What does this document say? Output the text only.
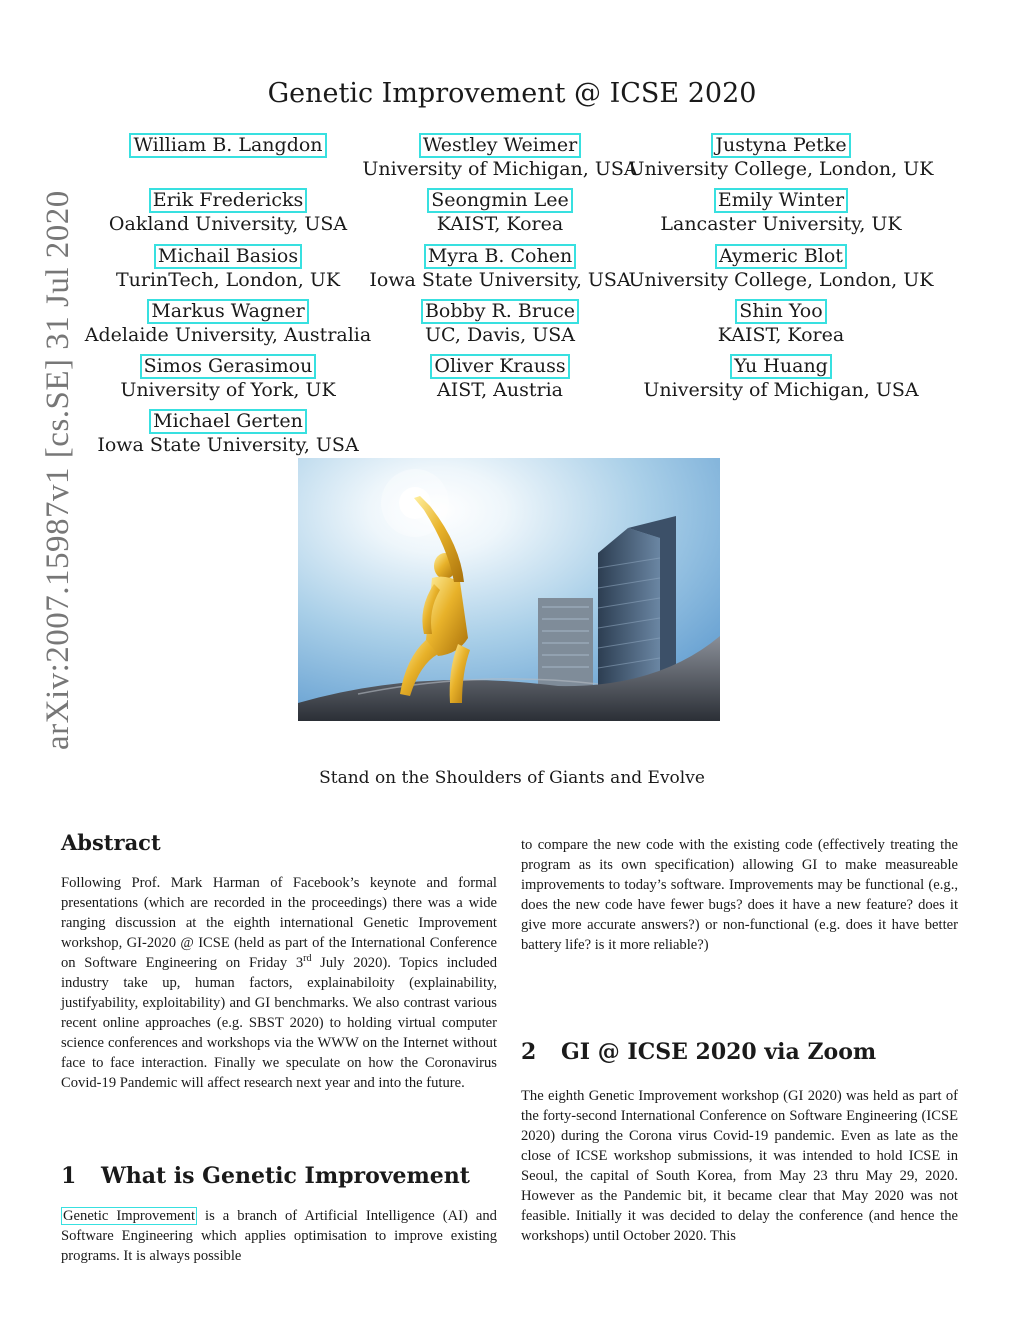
Genetic Improvement @ ICSE 2020
arXiv:2007.15987v1 [cs.SE] 31 Jul 2020
William B. Langdon	Westley Weimer
University of Michigan, USA
Justyna Petke
University College, London, UK
Erik Fredericks
Oakland University, USA
Seongmin Lee
KAIST, Korea
Emily Winter
Lancaster University, UK
Michail Basios
TurinTech, London, UK
Myra B. Cohen
Iowa State University, USA
Aymeric Blot
University College, London, UK
Markus Wagner
Adelaide University, Australia
Bobby R. Bruce
UC, Davis, USA
Shin Yoo
KAIST, Korea
Simos Gerasimou
University of York, UK
Oliver Krauss
AIST, Austria
Yu Huang
University of Michigan, USA
Michael Gerten
Iowa State University, USA
Stand on the Shoulders of Giants and Evolve
Abstract
Following Prof. Mark Harman of Facebook’s keynote and formal presentations (which are recorded in the proceedings) there was a wide ranging discussion at the eighth international Genetic Improvement workshop, GI-2020 @ ICSE (held as part of the International Conference on Software Engineering on Friday 3rd July 2020). Topics included industry take up, human factors, explainabiloity (explainability, justifyability, exploitability) and GI benchmarks. We also contrast various recent online approaches (e.g. SBST 2020) to holding virtual computer science conferences and workshops via the WWW on the Internet without face to face interaction. Finally we speculate on how the Coronavirus Covid-19 Pandemic will affect research next year and into the future.
1 What is Genetic Improvement
Genetic Improvement is a branch of Artificial Intelligence (AI) and Software Engineering which applies optimisation to improve existing programs. It is always possible
to compare the new code with the existing code (effectively treating the program as its own specification) allowing GI to make measureable improvements to today’s software. Improvements may be functional (e.g., does the new code have fewer bugs? does it have a new feature? does it give more accurate answers?) or non-functional (e.g. does it have better battery life? is it more reliable?)
2 GI @ ICSE 2020 via Zoom
The eighth Genetic Improvement workshop (GI 2020) was held as part of the forty-second International Conference on Software Engineering (ICSE 2020) during the Corona virus Covid-19 pandemic. Even as late as the close of ICSE workshop submissions, it was intended to hold ICSE in Seoul, the capital of South Korea, from May 23 thru May 29, 2020. However as the Pandemic bit, it became clear that May 2020 was not feasible. Initially it was decided to delay the conference (and hence the workshops) until October 2020. This
